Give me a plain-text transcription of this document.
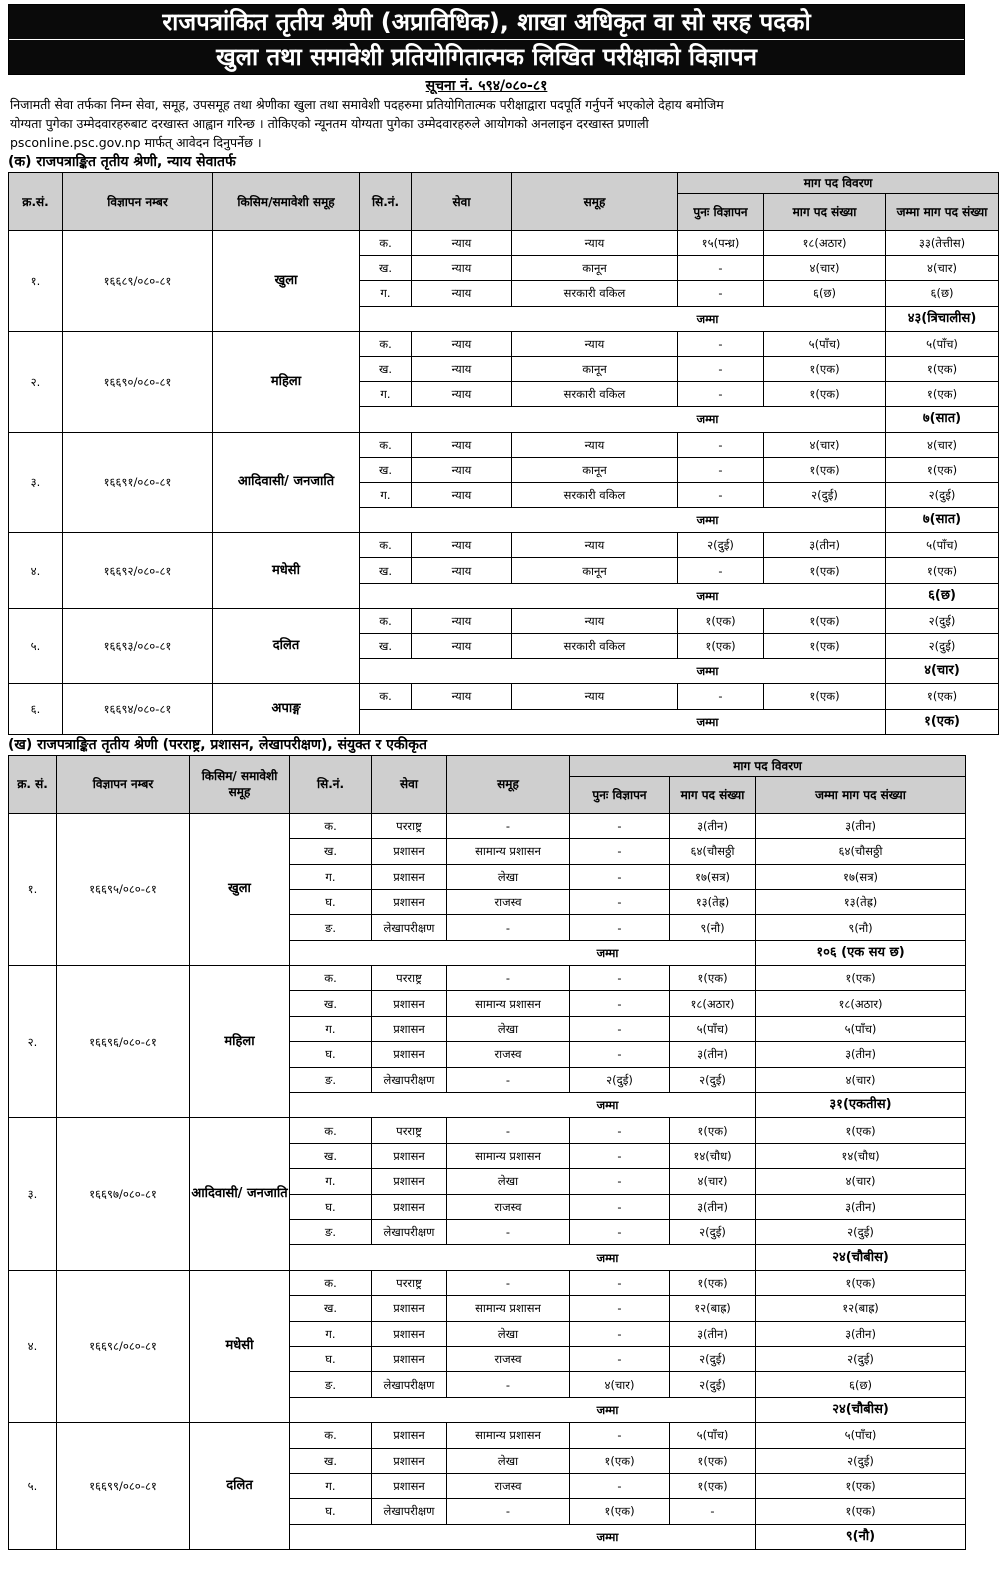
राजपत्रांकित तृतीय श्रेणी (अप्राविधिक), शाखा अधिकृत वा सो सरह पदको
खुला तथा समावेशी प्रतियोगितात्मक लिखित परीक्षाको विज्ञापन
सूचना नं. ५९४/०८०-८१
निजामती सेवा तर्फका निम्न सेवा, समूह, उपसमूह तथा श्रेणीका खुला तथा समावेशी पदहरुमा प्रतियोगितात्मक परीक्षाद्वारा पदपूर्ति गर्नुपर्ने भएकोले देहाय बमोजिम
योग्यता पुगेका उम्मेदवारहरुबाट दरखास्त आह्वान गरिन्छ । तोकिएको न्यूनतम योग्यता पुगेका उम्मेदवारहरुले आयोगको अनलाइन दरखास्त प्रणाली
psconline.psc.gov.np मार्फत् आवेदन दिनुपर्नेछ ।
(क) राजपत्राङ्कित तृतीय श्रेणी, न्याय सेवातर्फ
क्र.सं.	विज्ञापन नम्बर	किसिम/समावेशी समूह	सि.नं.	सेवा	समूह	माग पद विवरण		
						पुनः विज्ञापन	माग पद संख्या	जम्मा माग पद संख्या
१.	१६६८९/०८०-८१	खुला	क.	न्याय	न्याय	१५(पन्ध्र)	१८(अठार)	३३(तेत्तीस)
			ख.	न्याय	कानून	-	४(चार)	४(चार)
			ग.	न्याय	सरकारी वकिल	-	६(छ)	६(छ)
			जम्मा					४३(त्रिचालीस)
२.	१६६९०/०८०-८१	महिला	क.	न्याय	न्याय	-	५(पाँच)	५(पाँच)
			ख.	न्याय	कानून	-	१(एक)	१(एक)
			ग.	न्याय	सरकारी वकिल	-	१(एक)	१(एक)
			जम्मा					७(सात)
३.	१६६९१/०८०-८१	आदिवासी/ जनजाति	क.	न्याय	न्याय	-	४(चार)	४(चार)
			ख.	न्याय	कानून	-	१(एक)	१(एक)
			ग.	न्याय	सरकारी वकिल	-	२(दुई)	२(दुई)
			जम्मा					७(सात)
४.	१६६९२/०८०-८१	मधेसी	क.	न्याय	न्याय	२(दुई)	३(तीन)	५(पाँच)
			ख.	न्याय	कानून	-	१(एक)	१(एक)
			जम्मा					६(छ)
५.	१६६९३/०८०-८१	दलित	क.	न्याय	न्याय	१(एक)	१(एक)	२(दुई)
			ख.	न्याय	सरकारी वकिल	१(एक)	१(एक)	२(दुई)
			जम्मा					४(चार)
६.	१६६९४/०८०-८१	अपाङ्ग	क.	न्याय	न्याय	-	१(एक)	१(एक)
			जम्मा					१(एक)
(ख) राजपत्राङ्कित तृतीय श्रेणी (परराष्ट्र, प्रशासन, लेखापरीक्षण), संयुक्त र एकीकृत
क्र. सं.	विज्ञापन नम्बर	किसिम/ समावेशी समूह	सि.नं.	सेवा	समूह	माग पद विवरण		
						पुनः विज्ञापन	माग पद संख्या	जम्मा माग पद संख्या
१.	१६६९५/०८०-८१	खुला	क.	परराष्ट्र	-	-	३(तीन)	३(तीन)
			ख.	प्रशासन	सामान्य प्रशासन	-	६४(चौसठ्ठी	६४(चौसठ्ठी
			ग.	प्रशासन	लेखा	-	१७(सत्र)	१७(सत्र)
			घ.	प्रशासन	राजस्व	-	१३(तेह्र)	१३(तेह्र)
			ङ.	लेखापरीक्षण	-	-	९(नौ)	९(नौ)
			जम्मा					१०६ (एक सय छ)
२.	१६६९६/०८०-८१	महिला	क.	परराष्ट्र	-	-	१(एक)	१(एक)
			ख.	प्रशासन	सामान्य प्रशासन	-	१८(अठार)	१८(अठार)
			ग.	प्रशासन	लेखा	-	५(पाँच)	५(पाँच)
			घ.	प्रशासन	राजस्व	-	३(तीन)	३(तीन)
			ङ.	लेखापरीक्षण	-	२(दुई)	२(दुई)	४(चार)
			जम्मा					३१(एकतीस)
३.	१६६९७/०८०-८१	आदिवासी/ जनजाति	क.	परराष्ट्र	-	-	१(एक)	१(एक)
			ख.	प्रशासन	सामान्य प्रशासन	-	१४(चौध)	१४(चौध)
			ग.	प्रशासन	लेखा	-	४(चार)	४(चार)
			घ.	प्रशासन	राजस्व	-	३(तीन)	३(तीन)
			ङ.	लेखापरीक्षण	-	-	२(दुई)	२(दुई)
			जम्मा					२४(चौबीस)
४.	१६६९८/०८०-८१	मधेसी	क.	परराष्ट्र	-	-	१(एक)	१(एक)
			ख.	प्रशासन	सामान्य प्रशासन	-	१२(बाह्र)	१२(बाह्र)
			ग.	प्रशासन	लेखा	-	३(तीन)	३(तीन)
			घ.	प्रशासन	राजस्व	-	२(दुई)	२(दुई)
			ङ.	लेखापरीक्षण	-	४(चार)	२(दुई)	६(छ)
			जम्मा					२४(चौबीस)
५.	१६६९९/०८०-८१	दलित	क.	प्रशासन	सामान्य प्रशासन	-	५(पाँच)	५(पाँच)
			ख.	प्रशासन	लेखा	१(एक)	१(एक)	२(दुई)
			ग.	प्रशासन	राजस्व	-	१(एक)	१(एक)
			घ.	लेखापरीक्षण	-	१(एक)	-	१(एक)
			जम्मा					९(नौ)
